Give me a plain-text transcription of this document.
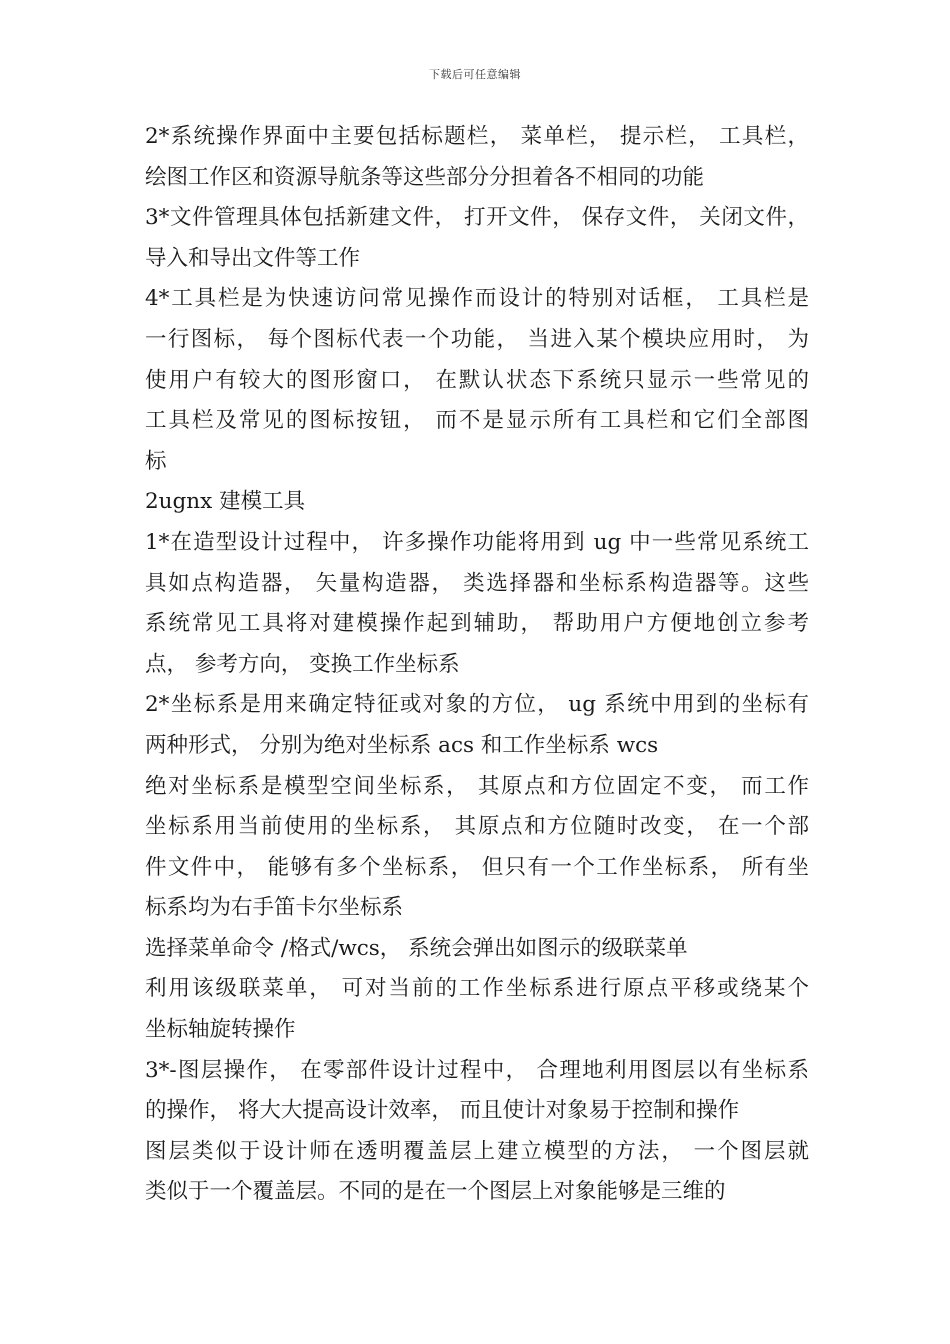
下载后可任意编辑
2*系统操作界面中主要包括标题栏， 菜单栏， 提示栏， 工具栏，
绘图工作区和资源导航条等这些部分分担着各不相同的功能
3*文件管理具体包括新建文件， 打开文件， 保存文件， 关闭文件，
导入和导出文件等工作
4*工具栏是为快速访问常见操作而设计的特别对话框， 工具栏是
一行图标， 每个图标代表一个功能， 当进入某个模块应用时， 为
使用户有较大的图形窗口， 在默认状态下系统只显示一些常见的
工具栏及常见的图标按钮， 而不是显示所有工具栏和它们全部图
标
2ugnx 建模工具
1*在造型设计过程中， 许多操作功能将用到 ug 中一些常见系统工
具如点构造器， 矢量构造器， 类选择器和坐标系构造器等。这些
系统常见工具将对建模操作起到辅助， 帮助用户方便地创立参考
点， 参考方向， 变换工作坐标系
2*坐标系是用来确定特征或对象的方位， ug 系统中用到的坐标有
两种形式， 分别为绝对坐标系 acs 和工作坐标系 wcs
绝对坐标系是模型空间坐标系， 其原点和方位固定不变， 而工作
坐标系用当前使用的坐标系， 其原点和方位随时改变， 在一个部
件文件中， 能够有多个坐标系， 但只有一个工作坐标系， 所有坐
标系均为右手笛卡尔坐标系
选择菜单命令 /格式/wcs， 系统会弹出如图示的级联菜单
利用该级联菜单， 可对当前的工作坐标系进行原点平移或绕某个
坐标轴旋转操作
3*-图层操作， 在零部件设计过程中， 合理地利用图层以有坐标系
的操作， 将大大提高设计效率， 而且使计对象易于控制和操作
图层类似于设计师在透明覆盖层上建立模型的方法， 一个图层就
类似于一个覆盖层。不同的是在一个图层上对象能够是三维的
